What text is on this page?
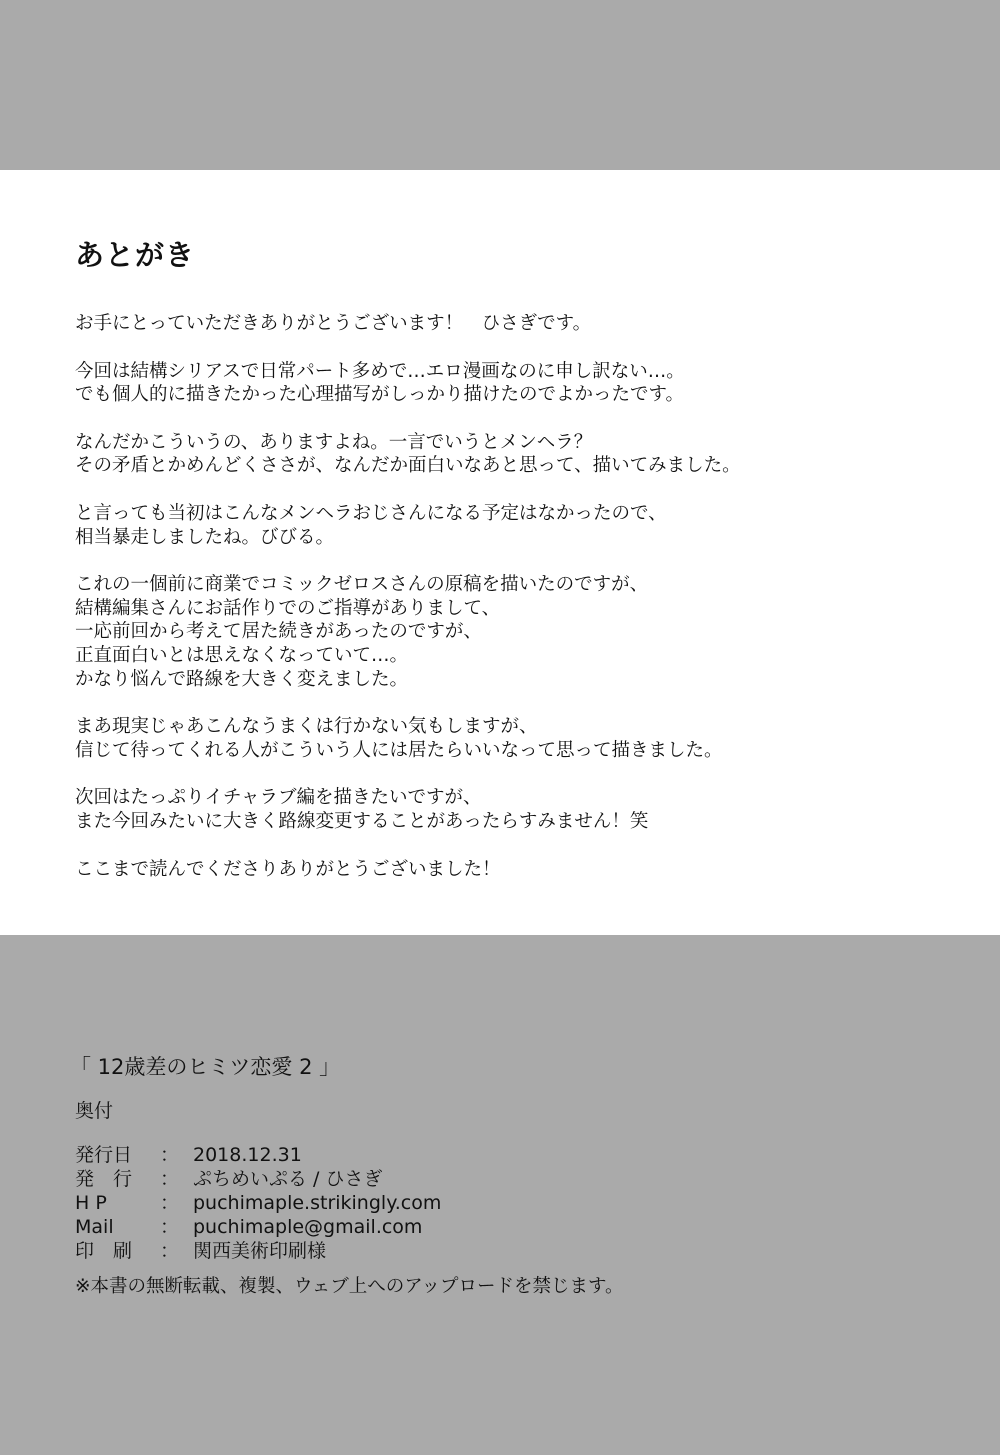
あとがき

お手にとっていただきありがとうございます！　ひさぎです。

今回は結構シリアスで日常パート多めで…エロ漫画なのに申し訳ない…。
でも個人的に描きたかった心理描写がしっかり描けたのでよかったです。

なんだかこういうの、ありますよね。一言でいうとメンヘラ？
その矛盾とかめんどくささが、なんだか面白いなあと思って、描いてみました。

と言っても当初はこんなメンヘラおじさんになる予定はなかったので、
相当暴走しましたね。びびる。

これの一個前に商業でコミックゼロスさんの原稿を描いたのですが、
結構編集さんにお話作りでのご指導がありまして、
一応前回から考えて居た続きがあったのですが、
正直面白いとは思えなくなっていて…。
かなり悩んで路線を大きく変えました。

まあ現実じゃあこんなうまくは行かない気もしますが、
信じて待ってくれる人がこういう人には居たらいいなって思って描きました。

次回はたっぷりイチャラブ編を描きたいですが、
また今回みたいに大きく路線変更することがあったらすみません！笑

ここまで読んでくださりありがとうございました！

「 12歳差のヒミツ恋愛 2 」
奥付
発行日	： 2018.12.31
発　行	： ぷちめいぷる / ひさぎ
H P	： puchimaple.strikingly.com
Mail	： puchimaple@gmail.com
印　刷	： 関西美術印刷様
※本書の無断転載、複製、ウェブ上へのアップロードを禁じます。
